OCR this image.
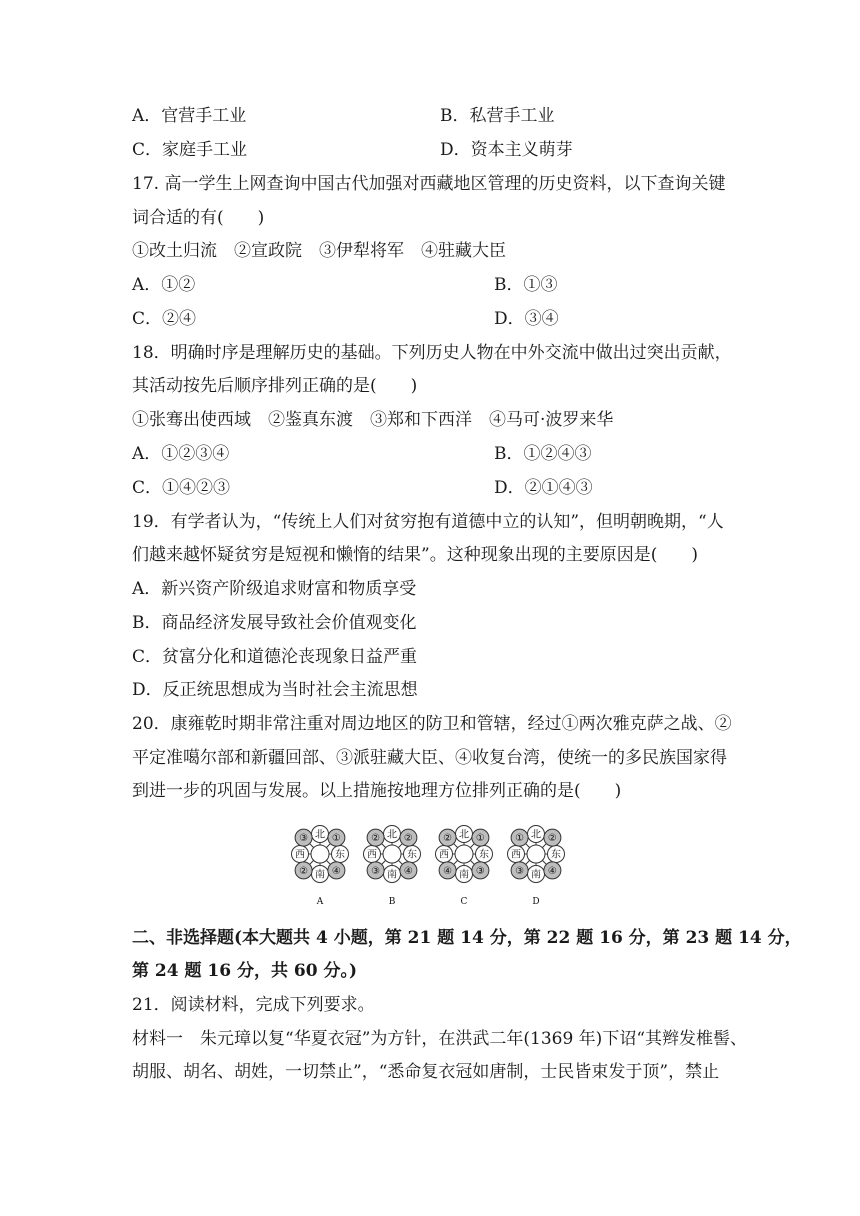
A．官营手工业	B．私营手工业
C．家庭手工业	D．资本主义萌芽
17. 高一学生上网查询中国古代加强对西藏地区管理的历史资料，以下查询关键
词合适的有(　　)
①改土归流　②宣政院　③伊犁将军　④驻藏大臣
A．①②	B．①③
C．②④	D．③④
18．明确时序是理解历史的基础。下列历史人物在中外交流中做出过突出贡献，
其活动按先后顺序排列正确的是(　　)
①张骞出使西域　②鉴真东渡　③郑和下西洋　④马可·波罗来华
A．①②③④	B．①②④③
C．①④②③	D．②①④③
19．有学者认为，“传统上人们对贫穷抱有道德中立的认知”，但明朝晚期，“人
们越来越怀疑贫穷是短视和懒惰的结果”。这种现象出现的主要原因是(　　)
A．新兴资产阶级追求财富和物质享受
B．商品经济发展导致社会价值观变化
C．贫富分化和道德沦丧现象日益严重
D．反正统思想成为当时社会主流思想
20．康雍乾时期非常注重对周边地区的防卫和管辖，经过①两次雅克萨之战、②
平定准噶尔部和新疆回部、③派驻藏大臣、④收复台湾，使统一的多民族国家得
到进一步的巩固与发展。以上措施按地理方位排列正确的是(　　)
北
南
西	东
③ ①
② ④
A
北
南
西	东
② ②
③ ④
B
北
南
西	东
② ①
④ ③
C
北
南
西	东
① ②
③ ④
D
二、非选择题(本大题共 4 小题，第 21 题 14 分，第 22 题 16 分，第 23 题 14 分，
第 24 题 16 分，共 60 分。)
21．阅读材料，完成下列要求。
材料一　朱元璋以复“华夏衣冠”为方针，在洪武二年(1369 年)下诏“其辫发椎髻、
胡服、胡名、胡姓，一切禁止”，“悉命复衣冠如唐制，士民皆束发于顶”，禁止
